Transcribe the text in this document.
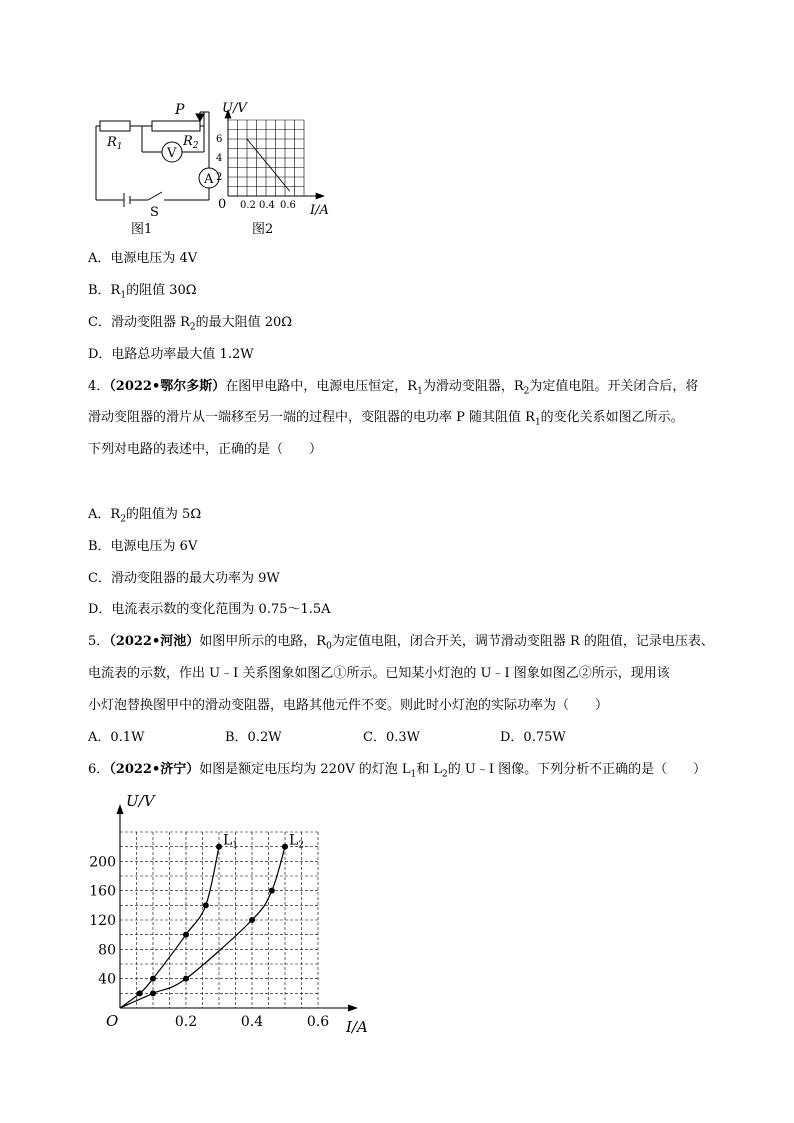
P
$R_1$	$R_2$
V
A
S
图1
U/V
0
6
4
2
0.2 0.4 0.6 I/A
图2
A．电源电压为 4V
B．$R_1$的阻值 30Ω
C．滑动变阻器 $R_2$的最大阻值 20Ω
D．电路总功率最大值 1.2W
4．（2022•鄂尔多斯）在图甲电路中，电源电压恒定，$R_1$为滑动变阻器，$R_2$为定值电阻。开关闭合后，将
滑动变阻器的滑片从一端移至另一端的过程中，变阻器的电功率 P 随其阻值 $R_1$的变化关系如图乙所示。
下列对电路的表述中，正确的是（　　）
A．$R_2$的阻值为 5Ω
B．电源电压为 6V
C．滑动变阻器的最大功率为 9W
D．电流表示数的变化范围为 0.75～1.5A
5．（2022•河池）如图甲所示的电路，$R_0$为定值电阻，闭合开关，调节滑动变阻器 R 的阻值，记录电压表、
电流表的示数，作出 U﹣I 关系图象如图乙①所示。已知某小灯泡的 U﹣I 图象如图乙②所示，现用该
小灯泡替换图甲中的滑动变阻器，电路其他元件不变。则此时小灯泡的实际功率为（　　）
A．0.1W	B．0.2W	C．0.3W	D．0.75W
6．（2022•济宁）如图是额定电压均为 220V 的灯泡 $L_1$和 $L_2$的 U﹣I 图像。下列分析不正确的是（　　）
40
80
120
160
200
0.2	0.4	0.6
O
U/V
I/A
$L_1$	$L_2$
